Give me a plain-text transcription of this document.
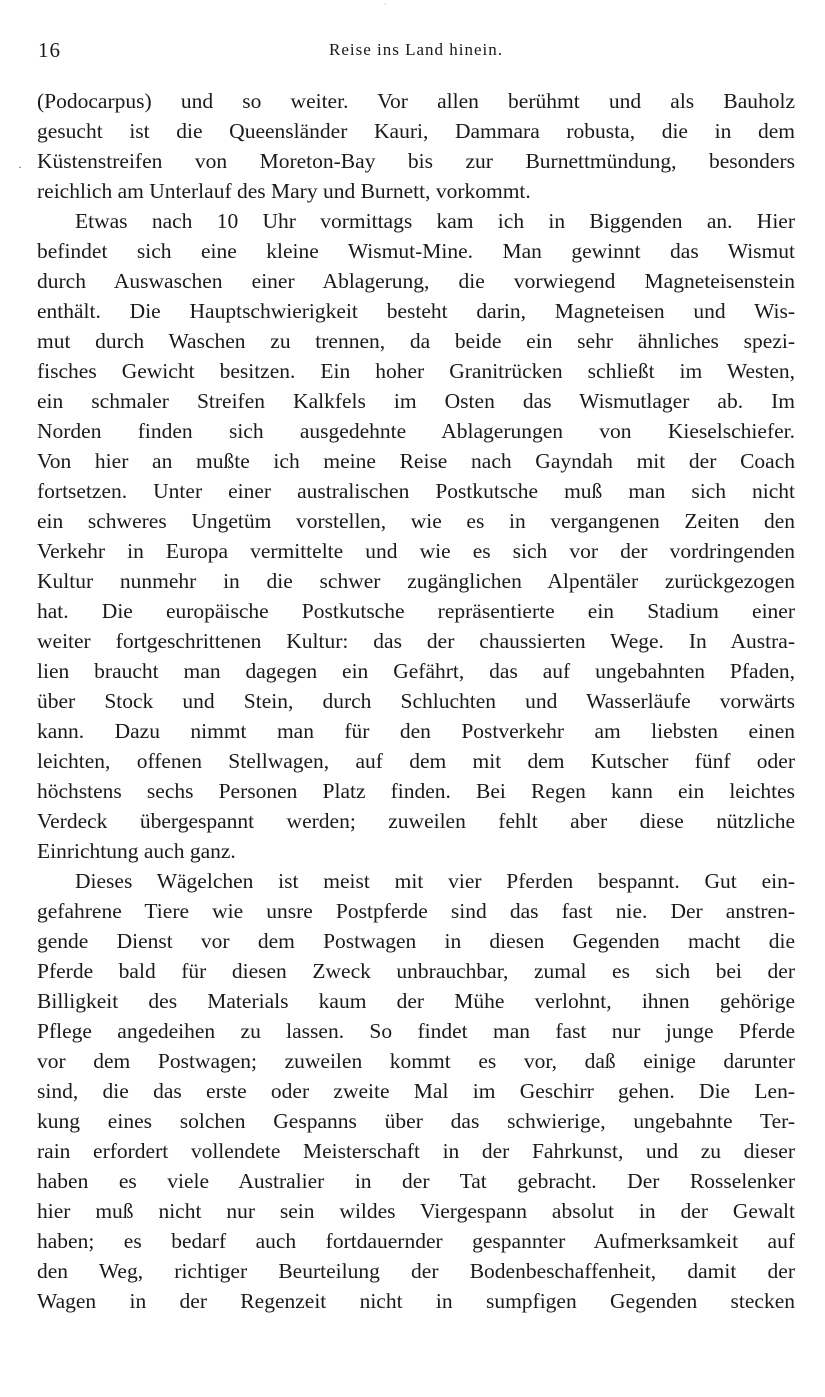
·
·
16	Reise ins Land hinein.
(Podocarpus) und so weiter. Vor allen berühmt und als Bauholz
gesucht ist die Queensländer Kauri, Dammara robusta, die in dem
Küstenstreifen von Moreton-Bay bis zur Burnettmündung, besonders
reichlich am Unterlauf des Mary und Burnett, vorkommt.
Etwas nach 10 Uhr vormittags kam ich in Biggenden an. Hier
befindet sich eine kleine Wismut-Mine. Man gewinnt das Wismut
durch Auswaschen einer Ablagerung, die vorwiegend Magneteisenstein
enthält. Die Hauptschwierigkeit besteht darin, Magneteisen und Wis-
mut durch Waschen zu trennen, da beide ein sehr ähnliches spezi-
fisches Gewicht besitzen. Ein hoher Granitrücken schließt im Westen,
ein schmaler Streifen Kalkfels im Osten das Wismutlager ab. Im
Norden finden sich ausgedehnte Ablagerungen von Kieselschiefer.
Von hier an mußte ich meine Reise nach Gayndah mit der Coach
fortsetzen. Unter einer australischen Postkutsche muß man sich nicht
ein schweres Ungetüm vorstellen, wie es in vergangenen Zeiten den
Verkehr in Europa vermittelte und wie es sich vor der vordringenden
Kultur nunmehr in die schwer zugänglichen Alpentäler zurückgezogen
hat. Die europäische Postkutsche repräsentierte ein Stadium einer
weiter fortgeschrittenen Kultur: das der chaussierten Wege. In Austra-
lien braucht man dagegen ein Gefährt, das auf ungebahnten Pfaden,
über Stock und Stein, durch Schluchten und Wasserläufe vorwärts
kann. Dazu nimmt man für den Postverkehr am liebsten einen
leichten, offenen Stellwagen, auf dem mit dem Kutscher fünf oder
höchstens sechs Personen Platz finden. Bei Regen kann ein leichtes
Verdeck übergespannt werden; zuweilen fehlt aber diese nützliche
Einrichtung auch ganz.
Dieses Wägelchen ist meist mit vier Pferden bespannt. Gut ein-
gefahrene Tiere wie unsre Postpferde sind das fast nie. Der anstren-
gende Dienst vor dem Postwagen in diesen Gegenden macht die
Pferde bald für diesen Zweck unbrauchbar, zumal es sich bei der
Billigkeit des Materials kaum der Mühe verlohnt, ihnen gehörige
Pflege angedeihen zu lassen. So findet man fast nur junge Pferde
vor dem Postwagen; zuweilen kommt es vor, daß einige darunter
sind, die das erste oder zweite Mal im Geschirr gehen. Die Len-
kung eines solchen Gespanns über das schwierige, ungebahnte Ter-
rain erfordert vollendete Meisterschaft in der Fahrkunst, und zu dieser
haben es viele Australier in der Tat gebracht. Der Rosselenker
hier muß nicht nur sein wildes Viergespann absolut in der Gewalt
haben; es bedarf auch fortdauernder gespannter Aufmerksamkeit auf
den Weg, richtiger Beurteilung der Bodenbeschaffenheit, damit der
Wagen in der Regenzeit nicht in sumpfigen Gegenden stecken
